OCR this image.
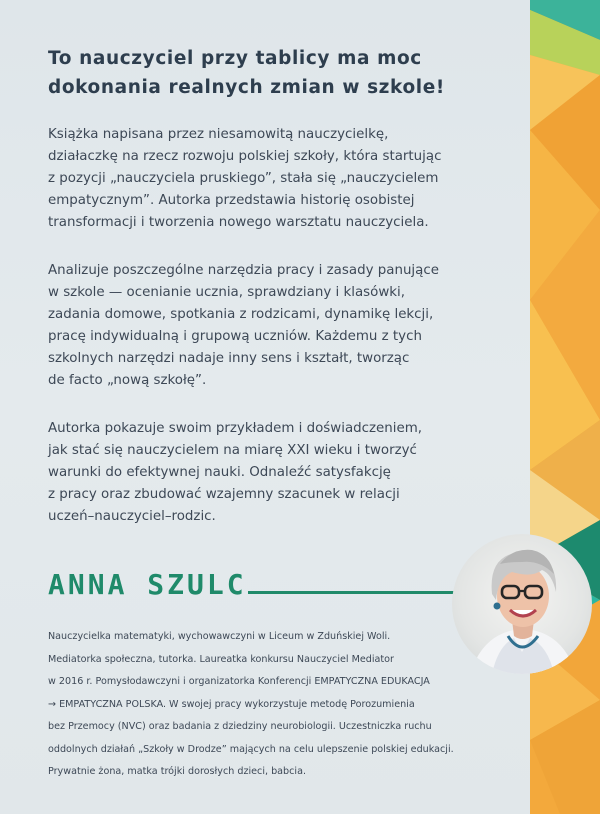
To nauczyciel przy tablicy ma moc
dokonania realnych zmian w szkole!

Książka napisana przez niesamowitą nauczycielkę,
działaczkę na rzecz rozwoju polskiej szkoły, która startując
z pozycji „nauczyciela pruskiego”, stała się „nauczycielem
empatycznym”. Autorka przedstawia historię osobistej
transformacji i tworzenia nowego warsztatu nauczyciela.

Analizuje poszczególne narzędzia pracy i zasady panujące
w szkole — ocenianie ucznia, sprawdziany i klasówki,
zadania domowe, spotkania z rodzicami, dynamikę lekcji,
pracę indywidualną i grupową uczniów. Każdemu z tych
szkolnych narzędzi nadaje inny sens i kształt, tworząc
de facto „nową szkołę”.

Autorka pokazuje swoim przykładem i doświadczeniem,
jak stać się nauczycielem na miarę XXI wieku i tworzyć
warunki do efektywnej nauki. Odnaleźć satysfakcję
z pracy oraz zbudować wzajemny szacunek w relacji
uczeń–nauczyciel–rodzic.

ANNA SZULC

Nauczycielka matematyki, wychowawczyni w Liceum w Zduńskiej Woli.
Mediatorka społeczna, tutorka. Laureatka konkursu Nauczyciel Mediator
w 2016 r. Pomysłodawczyni i organizatorka Konferencji EMPATYCZNA EDUKACJA
→ EMPATYCZNA POLSKA. W swojej pracy wykorzystuje metodę Porozumienia
bez Przemocy (NVC) oraz badania z dziedziny neurobiologii. Uczestniczka ruchu
oddolnych działań „Szkoły w Drodze” mających na celu ulepszenie polskiej edukacji.
Prywatnie żona, matka trójki dorosłych dzieci, babcia.
